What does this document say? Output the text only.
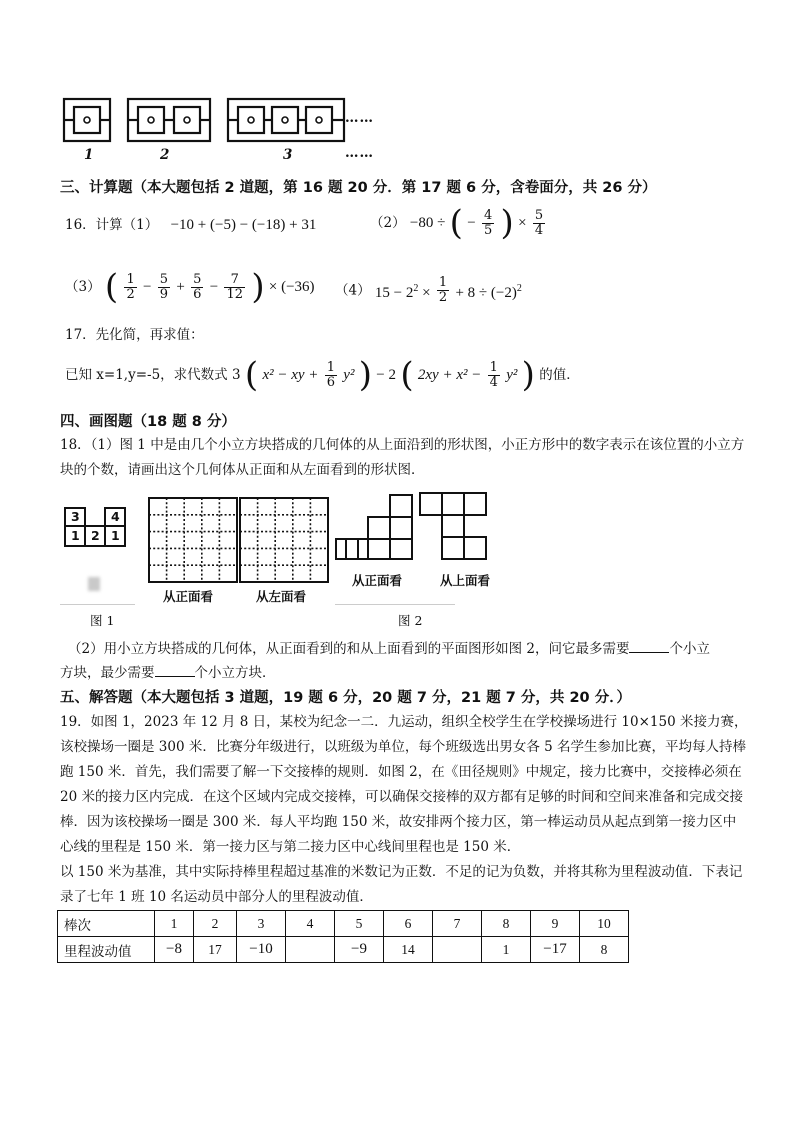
……
1	2	3	……
三、计算题（本大题包括 2 道题，第 16 题 20 分．第 17 题 6 分，含卷面分，共 26 分）
16．计算（1） −10 + (−5) − (−18) + 31	（2） −80 ÷ ( − $\frac{4}{5}$ ) × $\frac{5}{4}$
（3） ( $\frac{1}{2} - \frac{5}{9} + \frac{5}{6} - \frac{7}{12}$ ) × (−36) （4） $15 - 2^2 \times \frac{1}{2} + 8 \div (-2)^2$
17．先化简，再求值：
已知 x=1,y=-5，求代数式 3 ( x² − xy + $\frac{1}{6} y^2$ ) − 2 ( $2xy + x^2 - \frac{1}{4} y^2$ ) 的值．
四、画图题（18 题 8 分）
18．（1）图 1 中是由几个小立方块搭成的几何体的从上面沿到的形状图，小正方形中的数字表示在该位置的小立方块的个数，请画出这个几何体从正面和从左面看到的形状图．
3	4
1 2 1
从正面看	从左面看
从正面看	从上面看
图 1	图 2
（2）用小立方块搭成的几何体，从正面看到的和从上面看到的平面图形如图 2，问它最多需要	个小立
方块，最少需要	个小立方块．
五、解答题（本大题包括 3 道题，19 题 6 分，20 题 7 分，21 题 7 分，共 20 分．）
19．如图 1，2023 年 12 月 8 日，某校为纪念一二．九运动，组织全校学生在学校操场进行 10×150 米接力赛，该校操场一圈是 300 米．比赛分年级进行，以班级为单位，每个班级选出男女各 5 名学生参加比赛，平均每人持棒跑 150 米．首先，我们需要了解一下交接棒的规则．如图 2，在《田径规则》中规定，接力比赛中，交接棒必须在 20 米的接力区内完成．在这个区域内完成交接棒，可以确保交接棒的双方都有足够的时间和空间来准备和完成交接棒．因为该校操场一圈是 300 米．每人平均跑 150 米，故安排两个接力区，第一棒运动员从起点到第一接力区中心线的里程是 150 米．第一接力区与第二接力区中心线间里程也是 150 米．
以 150 米为基准，其中实际持棒里程超过基准的米数记为正数．不足的记为负数，并将其称为里程波动值．下表记录了七年 1 班 10 名运动员中部分人的里程波动值．
棒次	1	2	3	4	5	6	7	8	9	10
里程波动值	−8	17	−10		−9	14		1	−17	8
